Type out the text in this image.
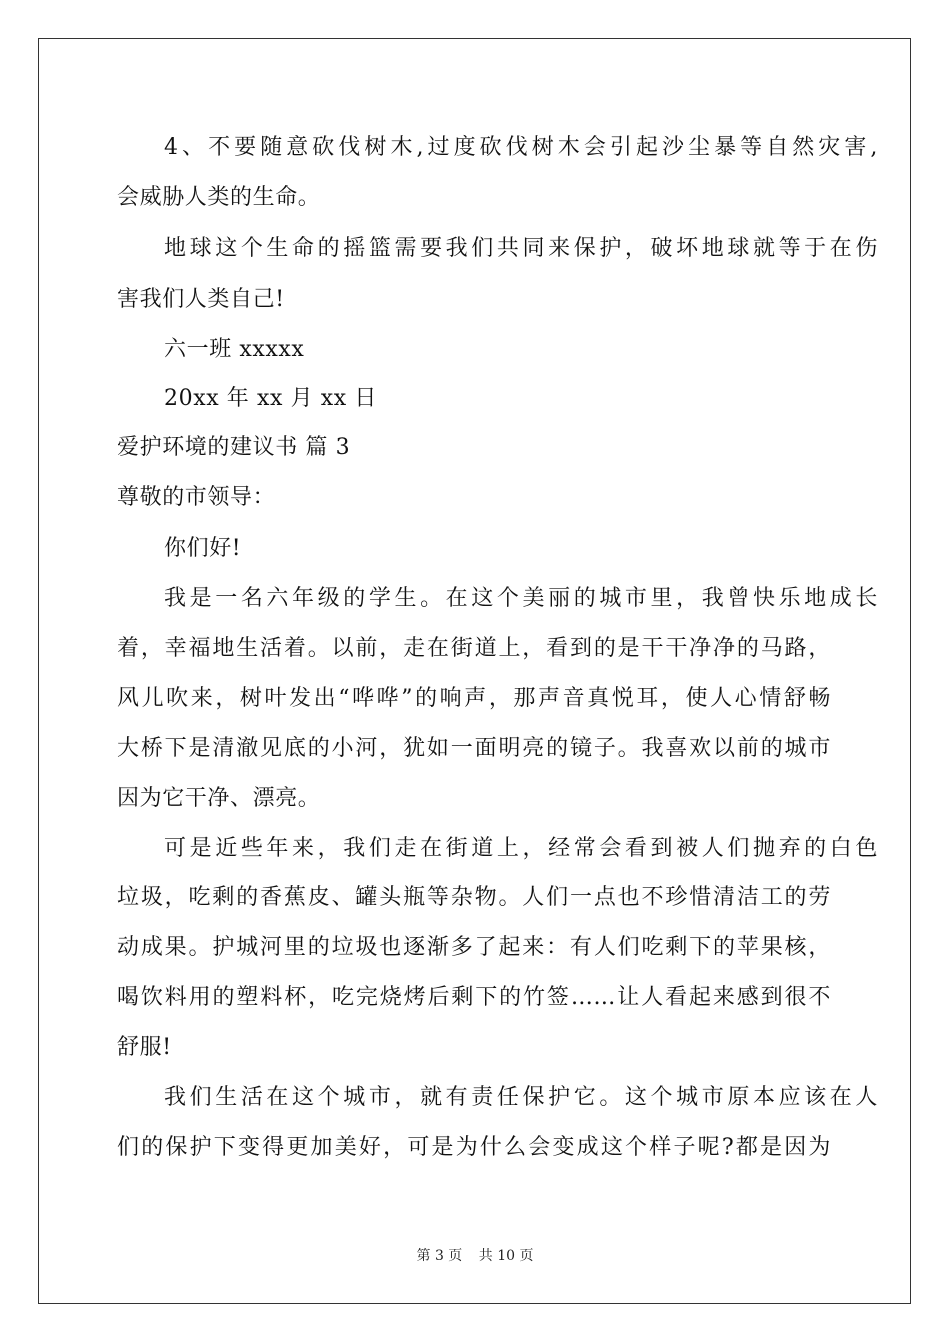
4、不要随意砍伐树木,过度砍伐树木会引起沙尘暴等自然灾害,
会威胁人类的生命。
地球这个生命的摇篮需要我们共同来保护，破坏地球就等于在伤
害我们人类自己!
六一班 xxxxx
20xx 年 xx 月 xx 日
爱护环境的建议书 篇 3
尊敬的市领导：
你们好!
我是一名六年级的学生。在这个美丽的城市里，我曾快乐地成长
着，幸福地生活着。以前，走在街道上，看到的是干干净净的马路，
风儿吹来，树叶发出“哗哗”的响声，那声音真悦耳，使人心情舒畅
大桥下是清澈见底的小河，犹如一面明亮的镜子。我喜欢以前的城市
因为它干净、漂亮。
可是近些年来，我们走在街道上，经常会看到被人们抛弃的白色
垃圾，吃剩的香蕉皮、罐头瓶等杂物。人们一点也不珍惜清洁工的劳
动成果。护城河里的垃圾也逐渐多了起来：有人们吃剩下的苹果核，
喝饮料用的塑料杯，吃完烧烤后剩下的竹签……让人看起来感到很不
舒服!
我们生活在这个城市，就有责任保护它。这个城市原本应该在人
们的保护下变得更加美好，可是为什么会变成这个样子呢?都是因为
第 3 页 共 10 页
